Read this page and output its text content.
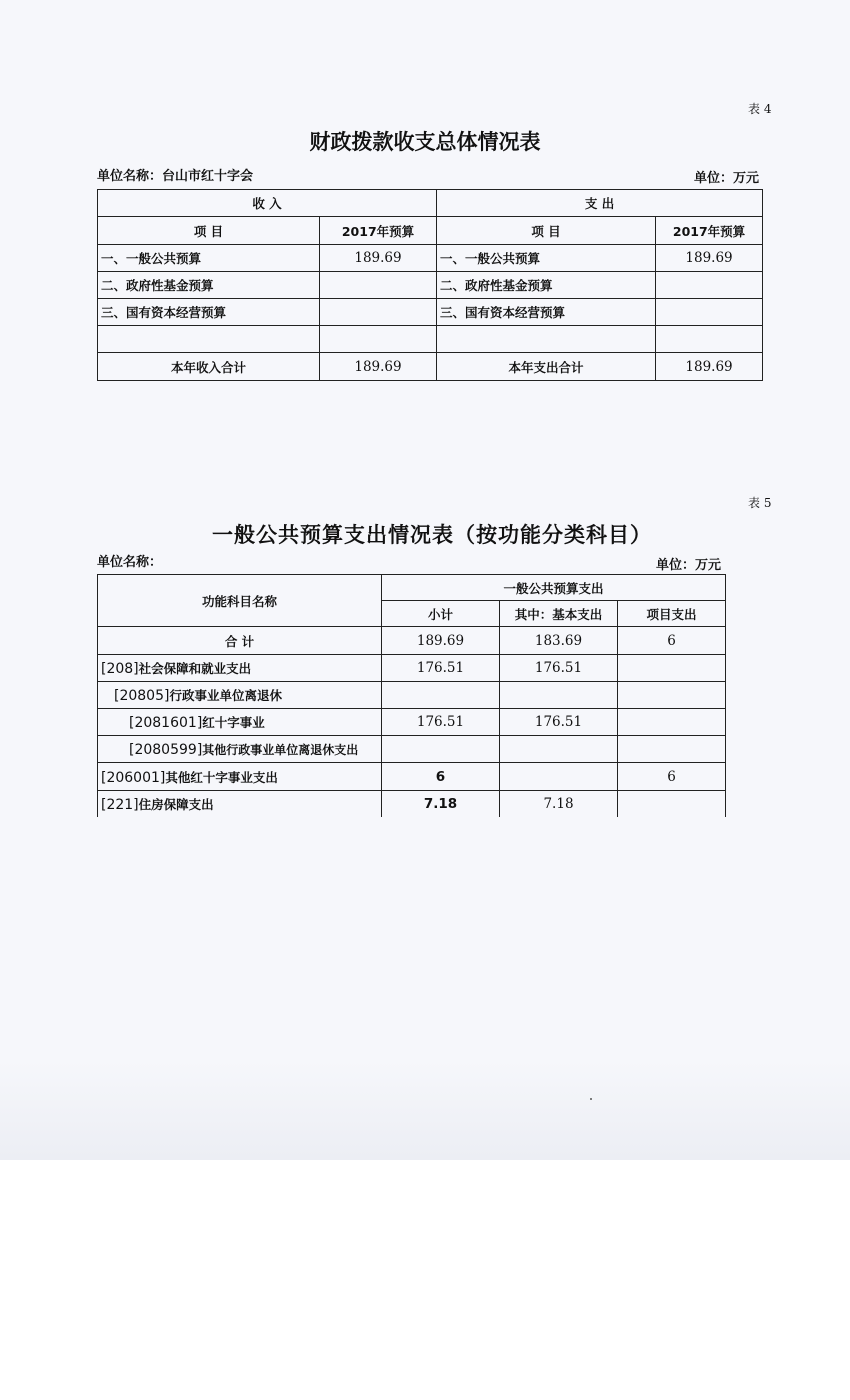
表 4
财政拨款收支总体情况表
单位名称：台山市红十字会	单位：万元
收 入		支 出	
项 目	2017年预算	项 目	2017年预算
一、一般公共预算	189.69	一、一般公共预算	189.69
二、政府性基金预算		二、政府性基金预算	
三、国有资本经营预算		三、国有资本经营预算	

本年收入合计	189.69	本年支出合计	189.69
表 5
一般公共预算支出情况表（按功能分类科目）
单位名称：	单位：万元
功能科目名称	一般公共预算支出		
	小计	其中：基本支出	项目支出
合 计	189.69	183.69	6
[208]社会保障和就业支出	176.51	176.51	
[20805]行政事业单位离退休			
[2081601]红十字事业	176.51	176.51	
[2080599]其他行政事业单位离退休支出			
[206001]其他红十字事业支出	6		6
[221]住房保障支出	7.18	7.18	
